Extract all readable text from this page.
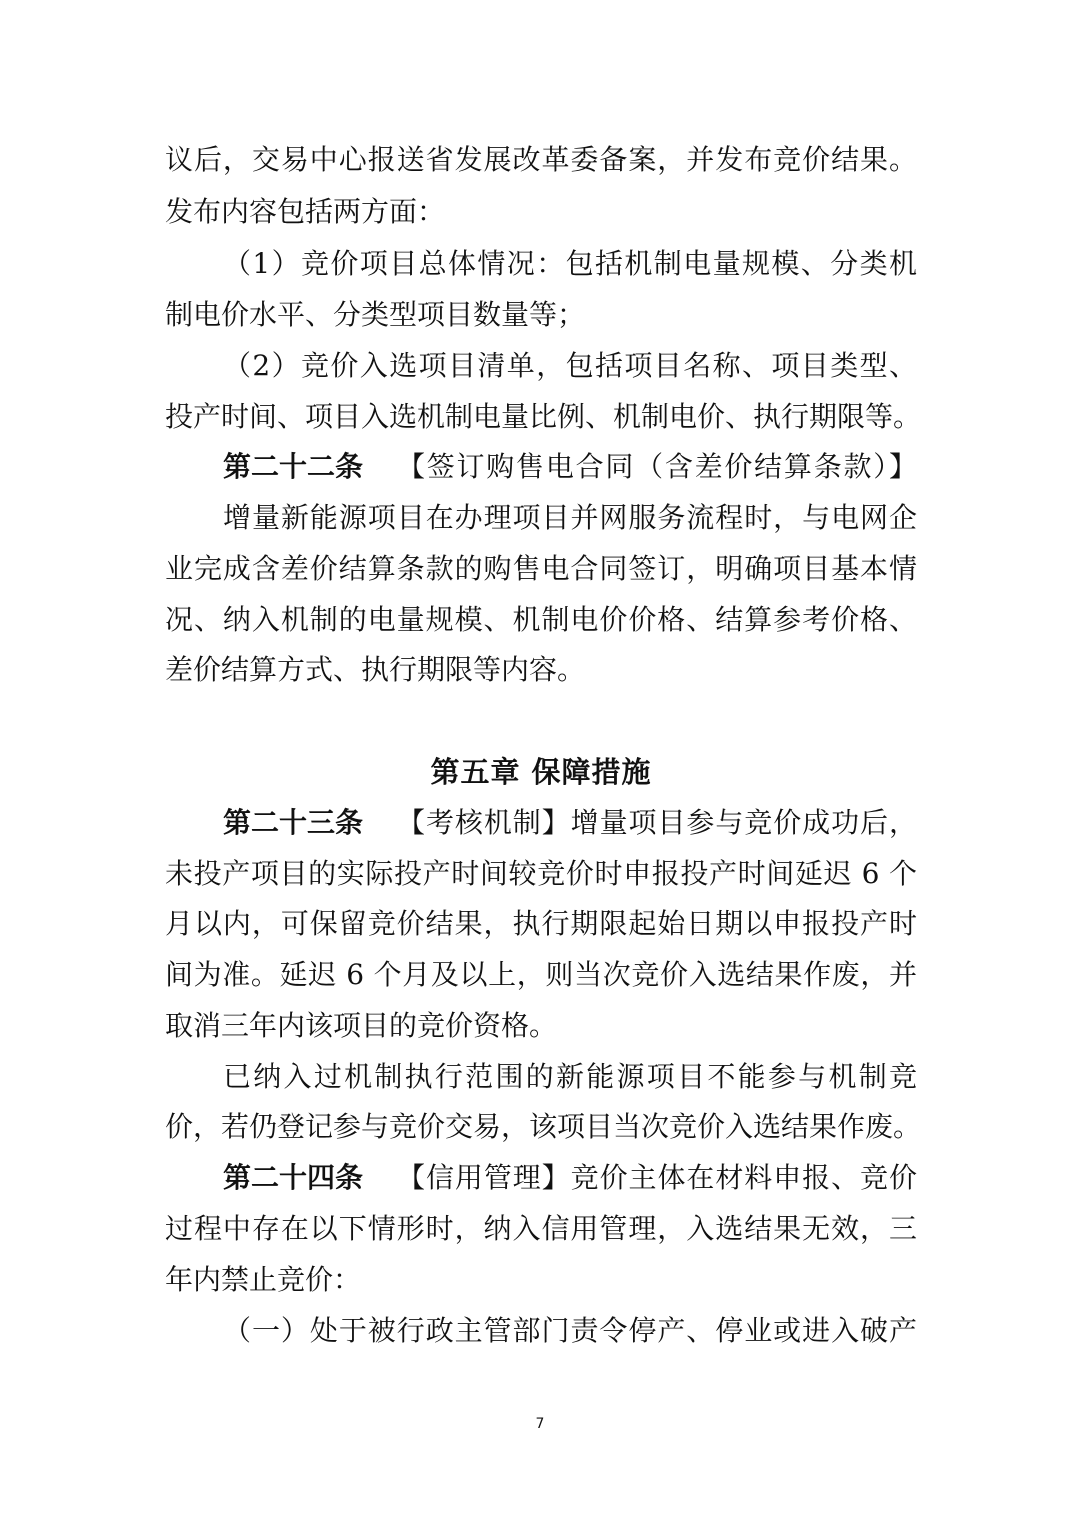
议后，交易中心报送省发展改革委备案，并发布竞价结果。
发布内容包括两方面：
（1）竞价项目总体情况：包括机制电量规模、分类机
制电价水平、分类型项目数量等；
（2）竞价入选项目清单，包括项目名称、项目类型、
投产时间、项目入选机制电量比例、机制电价、执行期限等。
第二十二条 【签订购售电合同（含差价结算条款）】
增量新能源项目在办理项目并网服务流程时，与电网企
业完成含差价结算条款的购售电合同签订，明确项目基本情
况、纳入机制的电量规模、机制电价价格、结算参考价格、
差价结算方式、执行期限等内容。
第五章 保障措施
第二十三条 【考核机制】增量项目参与竞价成功后，
未投产项目的实际投产时间较竞价时申报投产时间延迟 6 个
月以内，可保留竞价结果，执行期限起始日期以申报投产时
间为准。延迟 6 个月及以上，则当次竞价入选结果作废，并
取消三年内该项目的竞价资格。
已纳入过机制执行范围的新能源项目不能参与机制竞
价，若仍登记参与竞价交易，该项目当次竞价入选结果作废。
第二十四条 【信用管理】竞价主体在材料申报、竞价
过程中存在以下情形时，纳入信用管理，入选结果无效，三
年内禁止竞价：
（一）处于被行政主管部门责令停产、停业或进入破产
7
